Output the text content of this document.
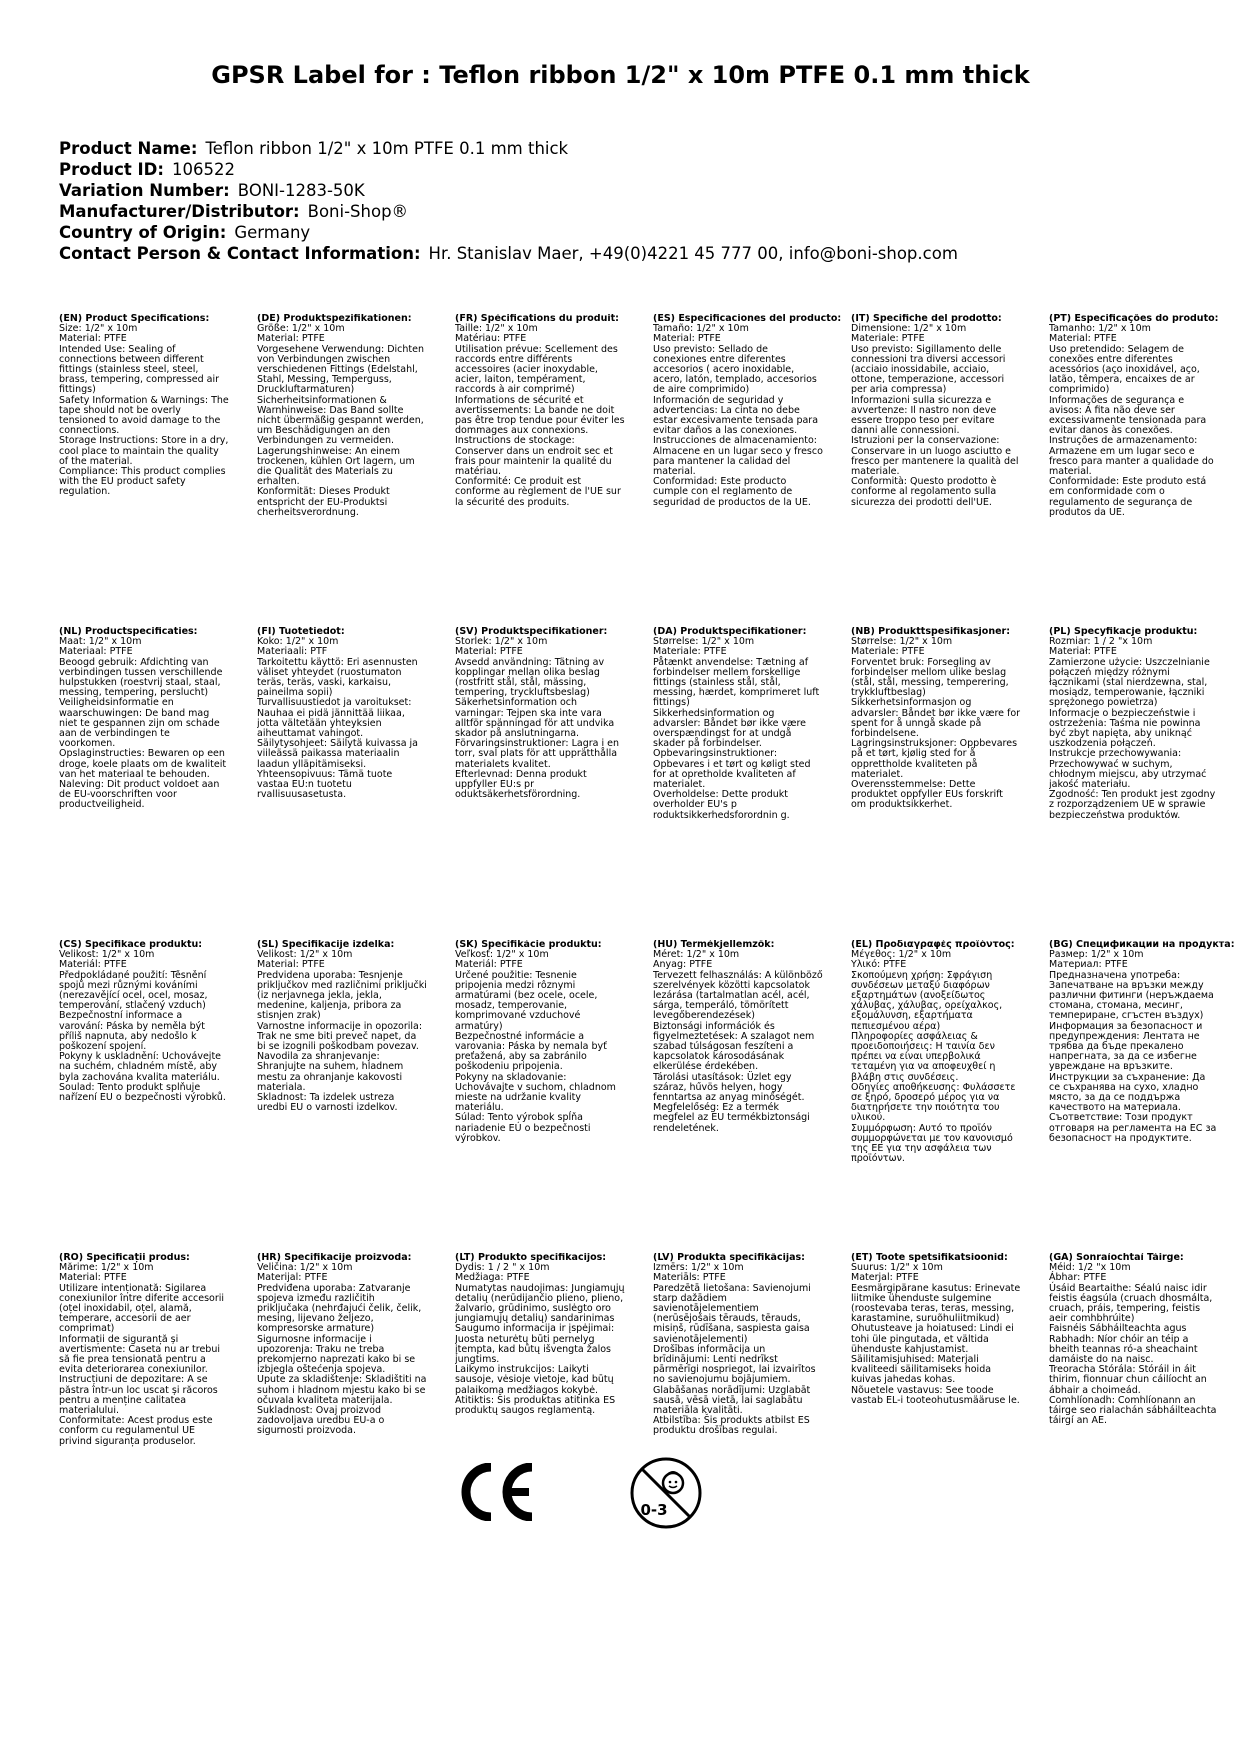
GPSR Label for : Teflon ribbon 1/2" x 10m PTFE 0.1 mm thick
Product Name: Teflon ribbon 1/2" x 10m PTFE 0.1 mm thick
Product ID: 106522
Variation Number: BONI-1283-50K
Manufacturer/Distributor: Boni-Shop®
Country of Origin: Germany
Contact Person & Contact Information: Hr. Stanislav Maer, +49(0)4221 45 777 00, info@boni-shop.com
(EN) Product Specifications:
Size: 1/2" x 10m
Material: PTFE
Intended Use: Sealing of connections between different fittings (stainless steel, steel, brass, tempering, compressed air fittings)
Safety Information & Warnings: The tape should not be overly tensioned to avoid damage to the connections.
Storage Instructions: Store in a dry, cool place to maintain the quality of the material.
Compliance: This product complies with the EU product safety regulation.
(DE) Produktspezifikationen:
Größe: 1/2" x 10m
Material: PTFE
Vorgesehene Verwendung: Dichten von Verbindungen zwischen verschiedenen Fittings (Edelstahl, Stahl, Messing, Temperguss, Druckluftarmaturen)
Sicherheitsinformationen & Warnhinweise: Das Band sollte nicht übermäßig gespannt werden, um Beschädigungen an den Verbindungen zu vermeiden.
Lagerungshinweise: An einem trockenen, kühlen Ort lagern, um die Qualität des Materials zu erhalten.
Konformität: Dieses Produkt entspricht der EU-Produktsi cherheitsverordnung.
(FR) Spécifications du produit:
Taille: 1/2" x 10m
Matériau: PTFE
Utilisation prévue: Scellement des raccords entre différents accessoires (acier inoxydable, acier, laiton, tempérament, raccords à air comprimé)
Informations de sécurité et avertissements: La bande ne doit pas être trop tendue pour éviter les dommages aux connexions.
Instructions de stockage: Conserver dans un endroit sec et frais pour maintenir la qualité du matériau.
Conformité: Ce produit est conforme au règlement de l'UE sur la sécurité des produits.
(ES) Especificaciones del producto:
Tamaño: 1/2" x 10m
Material: PTFE
Uso previsto: Sellado de conexiones entre diferentes accesorios ( acero inoxidable, acero, latón, templado, accesorios de aire comprimido)
Información de seguridad y advertencias: La cinta no debe estar excesivamente tensada para evitar daños a las conexiones.
Instrucciones de almacenamiento: Almacene en un lugar seco y fresco para mantener la calidad del material.
Conformidad: Este producto cumple con el reglamento de seguridad de productos de la UE.
(IT) Specifiche del prodotto:
Dimensione: 1/2" x 10m
Materiale: PTFE
Uso previsto: Sigillamento delle connessioni tra diversi accessori (acciaio inossidabile, acciaio, ottone, temperazione, accessori per aria compressa)
Informazioni sulla sicurezza e avvertenze: Il nastro non deve essere troppo teso per evitare danni alle connessioni.
Istruzioni per la conservazione: Conservare in un luogo asciutto e fresco per mantenere la qualità del materiale.
Conformità: Questo prodotto è conforme al regolamento sulla sicurezza dei prodotti dell'UE.
(PT) Especificações do produto:
Tamanho: 1/2" x 10m
Material: PTFE
Uso pretendido: Selagem de conexões entre diferentes acessórios (aço inoxidável, aço, latão, têmpera, encaixes de ar comprimido)
Informações de segurança e avisos: A fita não deve ser excessivamente tensionada para evitar danos às conexões.
Instruções de armazenamento: Armazene em um lugar seco e fresco para manter a qualidade do material.
Conformidade: Este produto está em conformidade com o regulamento de segurança de produtos da UE.
(NL) Productspecificaties:
Maat: 1/2" x 10m
Materiaal: PTFE
Beoogd gebruik: Afdichting van verbindingen tussen verschillende hulpstukken (roestvrij staal, staal, messing, tempering, perslucht)
Veiligheidsinformatie en waarschuwingen: De band mag niet te gespannen zijn om schade aan de verbindingen te voorkomen.
Opslaginstructies: Bewaren op een droge, koele plaats om de kwaliteit van het materiaal te behouden.
Naleving: Dit product voldoet aan de EU-voorschriften voor productveiligheid.
(FI) Tuotetiedot:
Koko: 1/2" x 10m
Materiaali: PTF
Tarkoitettu käyttö: Eri asennusten väliset yhteydet (ruostumaton teräs, teräs, vaski, karkaisu, paineilma sopii)
Turvallisuustiedot ja varoitukset: Nauhaa ei pidä jännittää liikaa, jotta vältetään yhteyksien aiheuttamat vahingot.
Säilytysohjeet: Säilytä kuivassa ja viileässä paikassa materiaalin laadun ylläpitämiseksi.
Yhteensopivuus: Tämä tuote vastaa EU:n tuotetu rvallisuusasetusta.
(SV) Produktspecifikationer:
Storlek: 1/2" x 10m
Material: PTFE
Avsedd användning: Tätning av kopplingar mellan olika beslag (rostfritt stål, stål, mässing, tempering, tryckluftsbeslag)
Säkerhetsinformation och varningar: Tejpen ska inte vara alltför spänningad för att undvika skador på anslutningarna.
Förvaringsinstruktioner: Lagra i en torr, sval plats för att upprätthålla materialets kvalitet.
Efterlevnad: Denna produkt uppfyller EU:s pr oduktsäkerhetsförordning.
(DA) Produktspecifikationer:
Størrelse: 1/2" x 10m
Materiale: PTFE
Påtænkt anvendelse: Tætning af forbindelser mellem forskellige fittings (stainless stål, stål, messing, hærdet, komprimeret luft fittings)
Sikkerhedsinformation og advarsler: Båndet bør ikke være overspændingst for at undgå skader på forbindelser.
Opbevaringsinstruktioner: Opbevares i et tørt og køligt sted for at opretholde kvaliteten af materialet.
Overholdelse: Dette produkt overholder EU's p roduktsikkerhedsforordnin g.
(NB) Produkttspesifikasjoner:
Størrelse: 1/2" x 10m
Materiale: PTFE
Forventet bruk: Forsegling av forbindelser mellom ulike beslag (stål, stål, messing, temperering, trykkluftbeslag)
Sikkerhetsinformasjon og advarsler: Båndet bør ikke være for spent for å unngå skade på forbindelsene.
Lagringsinstruksjoner: Oppbevares på et tørt, kjølig sted for å opprettholde kvaliteten på materialet.
Overensstemmelse: Dette produktet oppfyller EUs forskrift om produktsikkerhet.
(PL) Specyfikacje produktu:
Rozmiar: 1 / 2 "x 10m
Materiał: PTFE
Zamierzone użycie: Uszczelnianie połączeń między różnymi łącznikami (stal nierdzewna, stal, mosiądz, temperowanie, łączniki sprężonego powietrza)
Informacje o bezpieczeństwie i ostrzeżenia: Taśma nie powinna być zbyt napięta, aby uniknąć uszkodzenia połączeń.
Instrukcje przechowywania: Przechowywać w suchym, chłodnym miejscu, aby utrzymać jakość materiału.
Zgodność: Ten produkt jest zgodny z rozporządzeniem UE w sprawie bezpieczeństwa produktów.
(CS) Specifikace produktu:
Velikost: 1/2" x 10m
Materiál: PTFE
Předpokládané použití: Těsnění spojů mezi různými kováními (nerezavějící ocel, ocel, mosaz, temperování, stlačený vzduch)
Bezpečnostní informace a varování: Páska by neměla být příliš napnuta, aby nedošlo k poškození spojení.
Pokyny k uskladnění: Uchovávejte na suchém, chladném místě, aby byla zachována kvalita materiálu.
Soulad: Tento produkt splňuje nařízení EU o bezpečnosti výrobků.
(SL) Specifikacije izdelka:
Velikost: 1/2" x 10m
Material: PTFE
Predvidena uporaba: Tesnjenje priključkov med različnimi priključki (iz nerjavnega jekla, jekla, medenine, kaljenja, pribora za stisnjen zrak)
Varnostne informacije in opozorila: Trak ne sme biti preveč napet, da bi se izognili poškodbam povezav.
Navodila za shranjevanje: Shranjujte na suhem, hladnem mestu za ohranjanje kakovosti materiala.
Skladnost: Ta izdelek ustreza uredbi EU o varnosti izdelkov.
(SK) Špecifikácie produktu:
Veľkosť: 1/2" x 10m
Materiál: PTFE
Určené použitie: Tesnenie pripojenia medzi rôznymi armatúrami (bez ocele, ocele, mosadz, temperovanie, komprimované vzduchové armatúry)
Bezpečnostné informácie a varovania: Páska by nemala byť preťažená, aby sa zabránilo poškodeniu pripojenia.
Pokyny na skladovanie: Uchovávajte v suchom, chladnom mieste na udržanie kvality materiálu.
Súlad: Tento výrobok spĺňa nariadenie EÚ o bezpečnosti výrobkov.
(HU) Termékjellemzők:
Méret: 1/2" x 10m
Anyag: PTFE
Tervezett felhasználás: A különböző szerelvények közötti kapcsolatok lezárása (tartalmatlan acél, acél, sárga, temperáló, tömörített levegőberendezések)
Biztonsági információk és figyelmeztetések: A szalagot nem szabad túlságosan feszíteni a kapcsolatok károsodásának elkerülése érdekében.
Tárolási utasítások: Üzlet egy száraz, hűvös helyen, hogy fenntartsa az anyag minőségét.
Megfelelőség: Ez a termék megfelel az EU termékbiztonsági rendeletének.
(EL) Προδιαγραφές προϊόντος:
Μέγεθος: 1/2" x 10m
Υλικό: PTFE
Σκοπούμενη χρήση: Σφράγιση συνδέσεων μεταξύ διαφόρων εξαρτημάτων (ανοξείδωτος χάλυβας, χάλυβας, ορείχαλκος, εξομάλυνση, εξαρτήματα πεπιεσμένου αέρα)
Πληροφορίες ασφάλειας & προειδοποιήσεις: Η ταινία δεν πρέπει να είναι υπερβολικά τεταμένη για να αποφευχθεί η βλάβη στις συνδέσεις.
Οδηγίες αποθήκευσης: Φυλάσσετε σε ξηρό, δροσερό μέρος για να διατηρήσετε την ποιότητα του υλικού.
Συμμόρφωση: Αυτό το προϊόν συμμορφώνεται με τον κανονισμό της ΕΕ για την ασφάλεια των προϊόντων.
(BG) Спецификации на продукта:
Размер: 1/2" x 10m
Материал: PTFE
Предназначена употреба: Запечатване на връзки между различни фитинги (неръждаема стомана, стомана, месинг, темпериране, сгъстен въздух)
Информация за безопасност и предупреждения: Лентата не трябва да бъде прекалено напрегната, за да се избегне увреждане на връзките.
Инструкции за съхранение: Да се съхранява на сухо, хладно място, за да се поддържа качеството на материала.
Съответствие: Този продукт отговаря на регламента на ЕС за безопасност на продуктите.
(RO) Specificații produs:
Mărime: 1/2" x 10m
Material: PTFE
Utilizare intenționată: Sigilarea conexiunilor între diferite accesorii (oțel inoxidabil, oțel, alamă, temperare, accesorii de aer comprimat)
Informații de siguranță și avertismente: Caseta nu ar trebui să fie prea tensionată pentru a evita deteriorarea conexiunilor.
Instrucțiuni de depozitare: A se păstra într-un loc uscat și răcoros pentru a menține calitatea materialului.
Conformitate: Acest produs este conform cu regulamentul UE privind siguranța produselor.
(HR) Specifikacije proizvoda:
Veličina: 1/2" x 10m
Materijal: PTFE
Predviđena uporaba: Zatvaranje spojeva između različitih priključaka (nehrđajući čelik, čelik, mesing, lijevano željezo, kompresorske armature)
Sigurnosne informacije i upozorenja: Traku ne treba prekomjerno naprezati kako bi se izbjegla oštećenja spojeva.
Upute za skladištenje: Skladištiti na suhom i hladnom mjestu kako bi se očuvala kvaliteta materijala.
Sukladnost: Ovaj proizvod zadovoljava uredbu EU-a o sigurnosti proizvoda.
(LT) Produkto specifikacijos:
Dydis: 1 / 2 " x 10m
Medžiaga: PTFE
Numatytas naudojimas: Jungiamųjų detalių (nerūdijančio plieno, plieno, žalvario, grūdinimo, suslėgto oro jungiamųjų detalių) sandarinimas
Saugumo informacija ir įspėjimai: Juosta neturėtų būti pernelyg įtempta, kad būtų išvengta žalos jungtims.
Laikymo instrukcijos: Laikyti sausoje, vėsioje vietoje, kad būtų palaikoma medžiagos kokybė.
Atitiktis: Šis produktas atitinka ES produktų saugos reglamentą.
(LV) Produkta specifikācijas:
Izmērs: 1/2" x 10m
Materiāls: PTFE
Paredzētā lietošana: Savienojumi starp dažādiem savienotājelementiem (nerūsējošais tērauds, tērauds, misiņš, rūdīšana, saspiesta gaisa savienotājelementi)
Drošības informācija un brīdinājumi: Lenti nedrīkst pārmērīgi nospriegot, lai izvairītos no savienojumu bojājumiem.
Glabāšanas norādījumi: Uzglabāt sausā, vēsā vietā, lai saglabātu materiāla kvalitāti.
Atbilstība: Šis produkts atbilst ES produktu drošības regulai.
(ET) Toote spetsifikatsioonid:
Suurus: 1/2" x 10m
Materjal: PTFE
Eesmärgipärane kasutus: Erinevate liitmike ühenduste sulgemine (roostevaba teras, teras, messing, karastamine, suruõhuliitmikud)
Ohutusteave ja hoiatused: Lindi ei tohi üle pingutada, et vältida ühenduste kahjustamist.
Säilitamisjuhised: Materjali kvaliteedi säilitamiseks hoida kuivas jahedas kohas.
Nõuetele vastavus: See toode vastab EL-i tooteohutusmääruse le.
(GA) Sonraíochtaí Táirge:
Méid: 1/2 "x 10m
Ábhar: PTFE
Úsáid Beartaithe: Séalú naisc idir feistis éagsúla (cruach dhosmálta, cruach, práis, tempering, feistis aeir comhbhrúite)
Faisnéis Sábháilteachta agus Rabhadh: Níor chóir an téip a bheith teannas ró-a sheachaint damáiste do na naisc.
Treoracha Stórála: Stóráil in áit thirim, fionnuar chun cáilíocht an ábhair a choimeád.
Comhlíonadh: Comhlíonann an táirge seo rialachán sábháilteachta táirgí an AE.
0-3
